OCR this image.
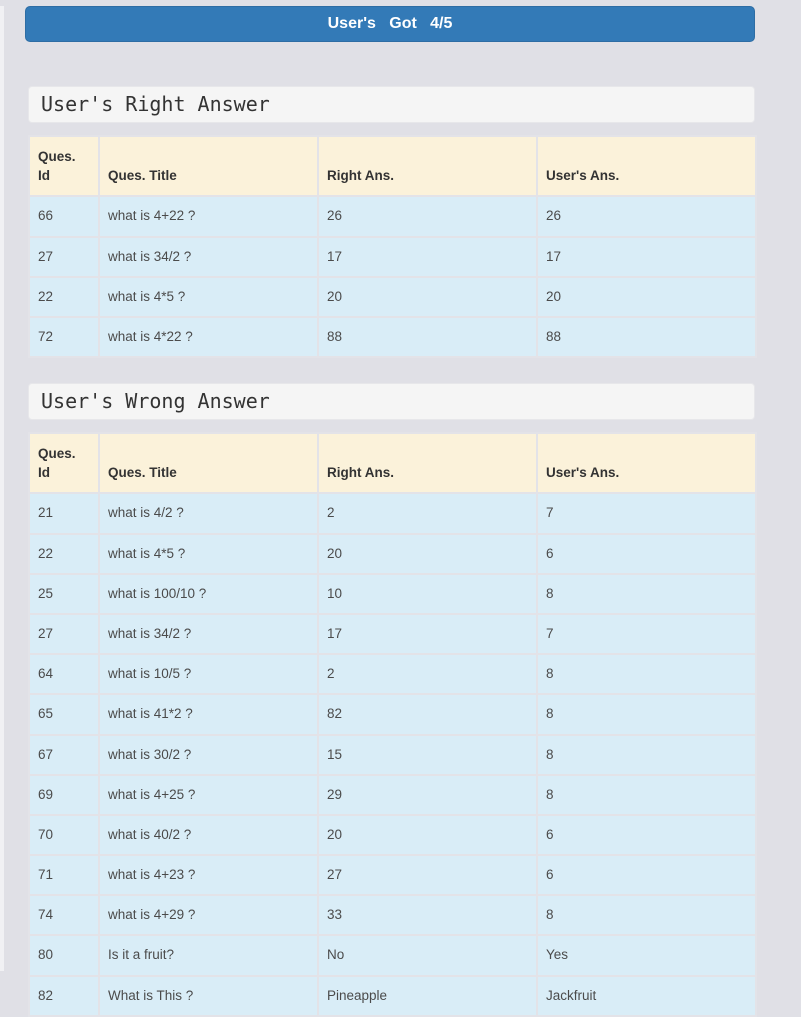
User's   Got   4/5
User's Right Answer
Ques. Id	Ques. Title	Right Ans.	User's Ans.
66	what is 4+22 ?	26	26
27	what is 34/2 ?	17	17
22	what is 4*5 ?	20	20
72	what is 4*22 ?	88	88
User's Wrong Answer
Ques. Id	Ques. Title	Right Ans.	User's Ans.
21	what is 4/2 ?	2	7
22	what is 4*5 ?	20	6
25	what is 100/10 ?	10	8
27	what is 34/2 ?	17	7
64	what is 10/5 ?	2	8
65	what is 41*2 ?	82	8
67	what is 30/2 ?	15	8
69	what is 4+25 ?	29	8
70	what is 40/2 ?	20	6
71	what is 4+23 ?	27	6
74	what is 4+29 ?	33	8
80	Is it a fruit?	No	Yes
82	What is This ?	Pineapple	Jackfruit
